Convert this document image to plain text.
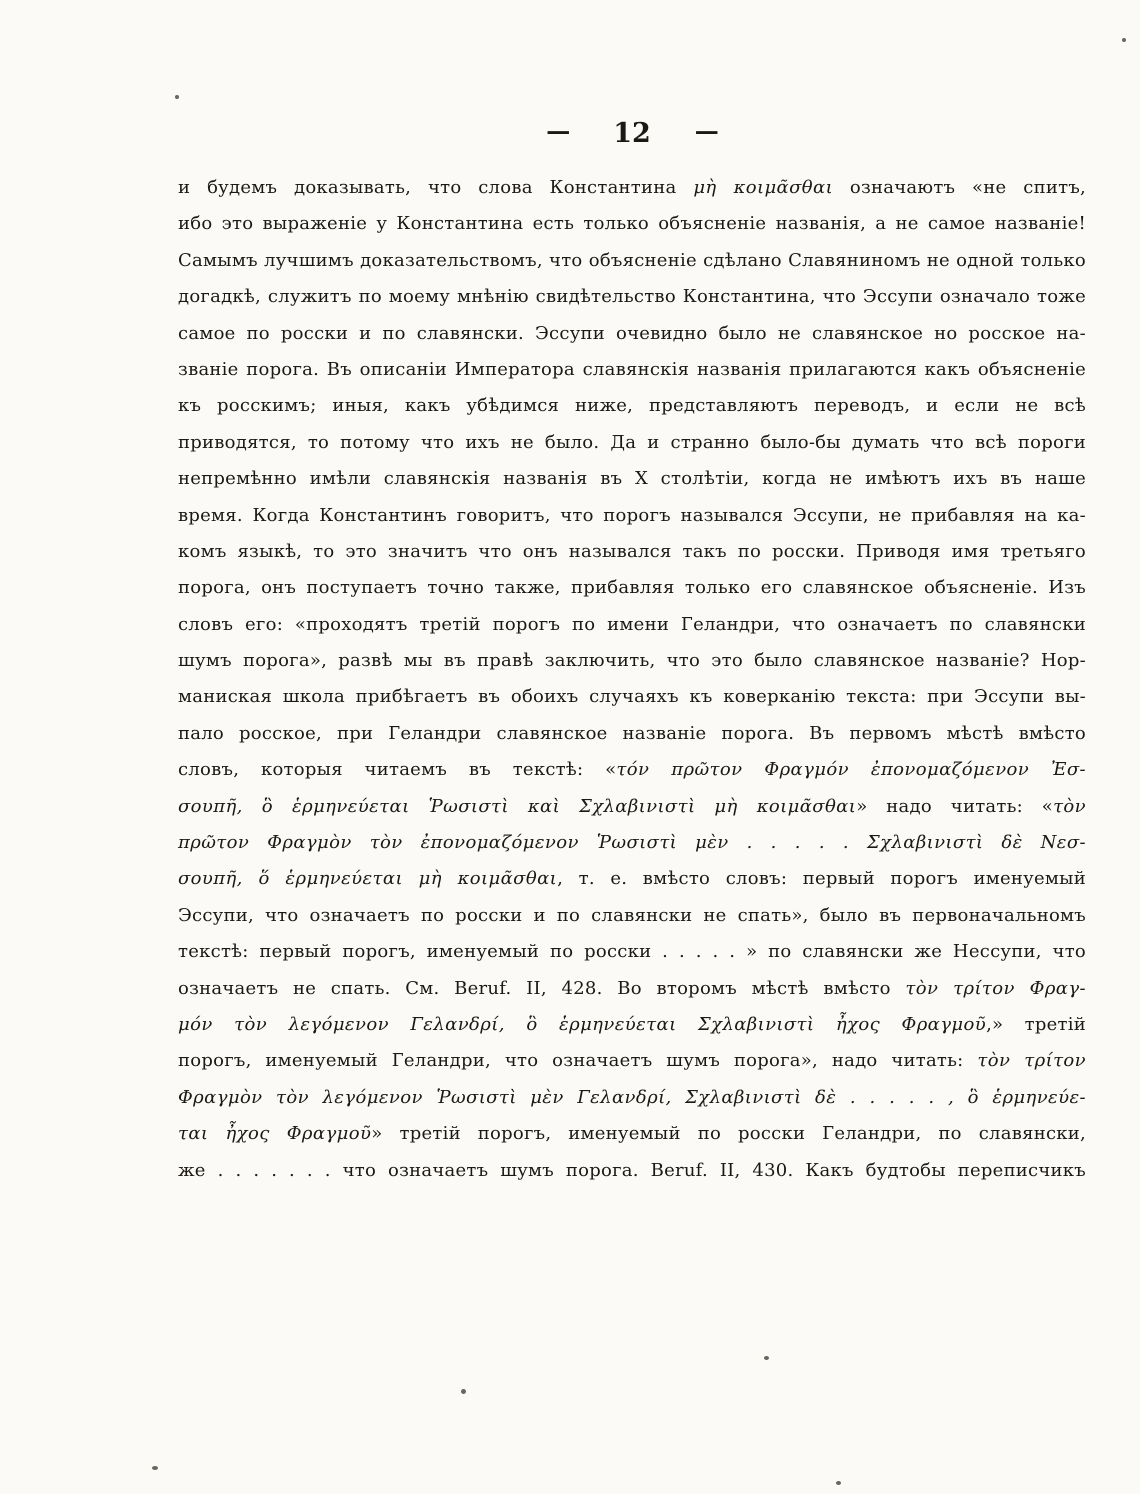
— 12 —
и будемъ доказывать, что слова Константина μὴ κοιμᾶσθαι означаютъ «не спитъ,
ибо это выраженіе у Константина есть только объясненіе названія, а не самое названіе!
Самымъ лучшимъ доказательствомъ, что объясненіе сдѣлано Славяниномъ не одной только
догадкѣ, служитъ по моему мнѣнію свидѣтельство Константина, что Эссупи означало тоже
самое по росски и по славянски. Эссупи очевидно было не славянское но росское на-
званіе порога. Въ описаніи Императора славянскія названія прилагаются какъ объясненіе
къ росскимъ; иныя, какъ убѣдимся ниже, представляютъ переводъ, и если не всѣ
приводятся, то потому что ихъ не было. Да и странно было-бы думать что всѣ пороги
непремѣнно имѣли славянскія названія въ X столѣтіи, когда не имѣютъ ихъ въ наше
время. Когда Константинъ говоритъ, что порогъ назывался Эссупи, не прибавляя на ка-
комъ языкѣ, то это значитъ что онъ назывался такъ по росски. Приводя имя третьяго
порога, онъ поступаетъ точно также, прибавляя только его славянское объясненіе. Изъ
словъ его: «проходятъ третій порогъ по имени Геландри, что означаетъ по славянски
шумъ порога», развѣ мы въ правѣ заключить, что это было славянское названіе? Нор-
маниская школа прибѣгаетъ въ обоихъ случаяхъ къ коверканію текста: при Эссупи вы-
пало росское, при Геландри славянское названіе порога. Въ первомъ мѣстѣ вмѣсто
словъ, которыя читаемъ въ текстѣ: «τόν πρῶτον Φραγμόν ἐπονομαζόμενον Ἐσ-
σουπῆ, ὃ ἑρμηνεύεται Ῥωσιστὶ καὶ Σχλαβινιστὶ μὴ κοιμᾶσθαι» надо читать: «τὸν
πρῶτον Φραγμὸν τὸν ἐπονομαζόμενον Ῥωσιστὶ μὲν . . . . . Σχλαβινιστὶ δὲ Νεσ-
σουπῆ, ὅ ἑρμηνεύεται μὴ κοιμᾶσθαι, т. е. вмѣсто словъ: первый порогъ именуемый
Эссупи, что означаетъ по росски и по славянски не спать», было въ первоначальномъ
текстѣ: первый порогъ, именуемый по росски . . . . . » по славянски же Нессупи, что
означаетъ не спать. См. Beruf. II, 428. Во второмъ мѣстѣ вмѣсто τὸν τρίτον Φραγ-
μόν τὸν λεγόμενον Γελανδρί, ὃ ἑρμηνεύεται Σχλαβινιστὶ ἦχος Φραγμοῦ,» третій
порогъ, именуемый Геландри, что означаетъ шумъ порога», надо читать: τὸν τρίτον
Φραγμὸν τὸν λεγόμενον Ῥωσιστὶ μὲν Γελανδρί, Σχλαβινιστὶ δὲ . . . . . , ὃ ἑρμηνεύε-
ται ἦχος Φραγμοῦ» третій порогъ, именуемый по росски Геландри, по славянски,
же . . . . . . . что означаетъ шумъ порога. Beruf. II, 430. Какъ будтобы переписчикъ
